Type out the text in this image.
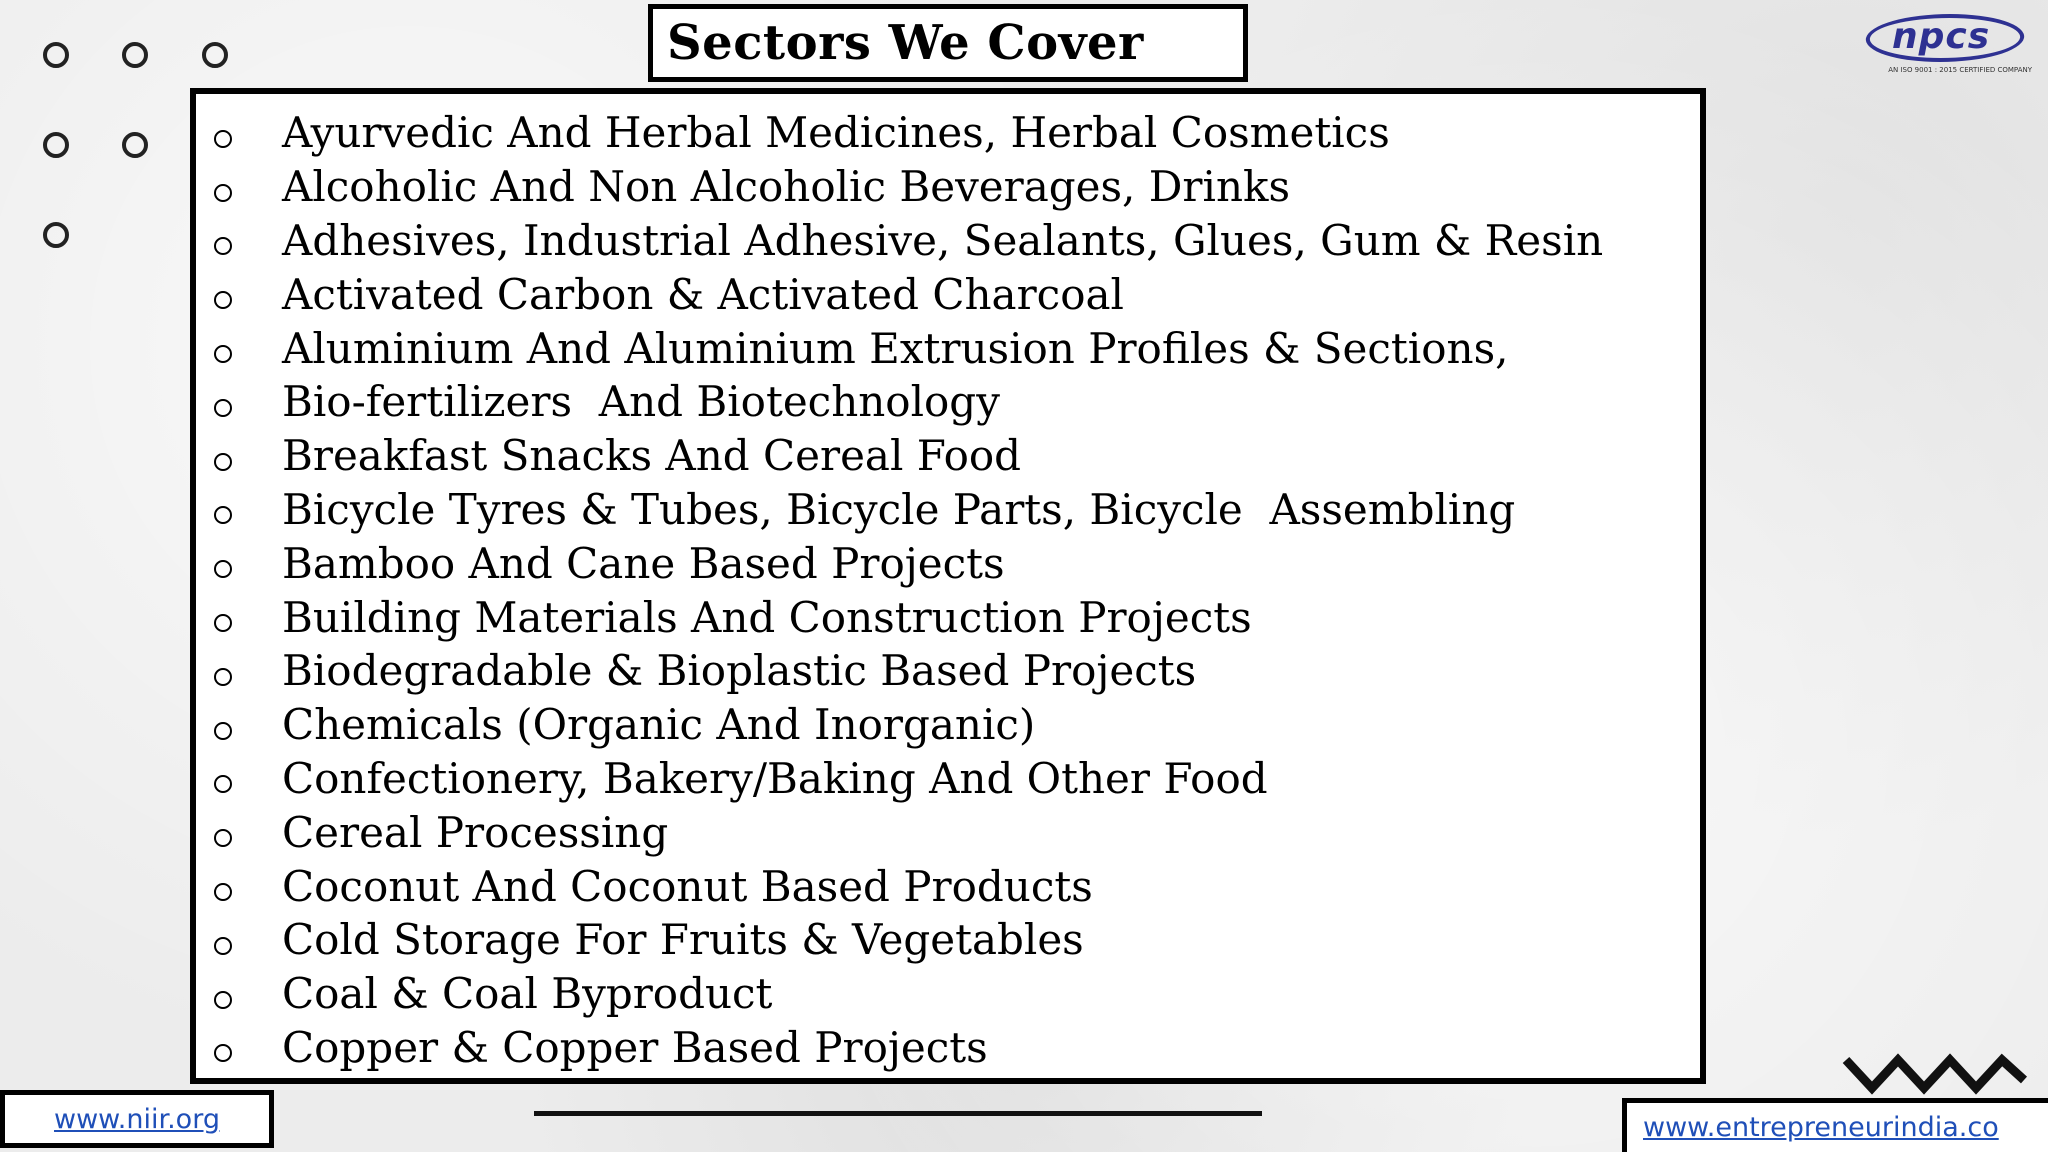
Sectors We Cover	npcs
AN ISO 9001 : 2015 CERTIFIED COMPANY
Ayurvedic And Herbal Medicines, Herbal Cosmetics
Alcoholic And Non Alcoholic Beverages, Drinks
Adhesives, Industrial Adhesive, Sealants, Glues, Gum & Resin
Activated Carbon & Activated Charcoal
Aluminium And Aluminium Extrusion Profiles & Sections,
Bio-fertilizers  And Biotechnology
Breakfast Snacks And Cereal Food
Bicycle Tyres & Tubes, Bicycle Parts, Bicycle  Assembling
Bamboo And Cane Based Projects
Building Materials And Construction Projects
Biodegradable & Bioplastic Based Projects
Chemicals (Organic And Inorganic)
Confectionery, Bakery/Baking And Other Food
Cereal Processing
Coconut And Coconut Based Products
Cold Storage For Fruits & Vegetables
Coal & Coal Byproduct
Copper & Copper Based Projects
www.niir.org	www.entrepreneurindia.co
